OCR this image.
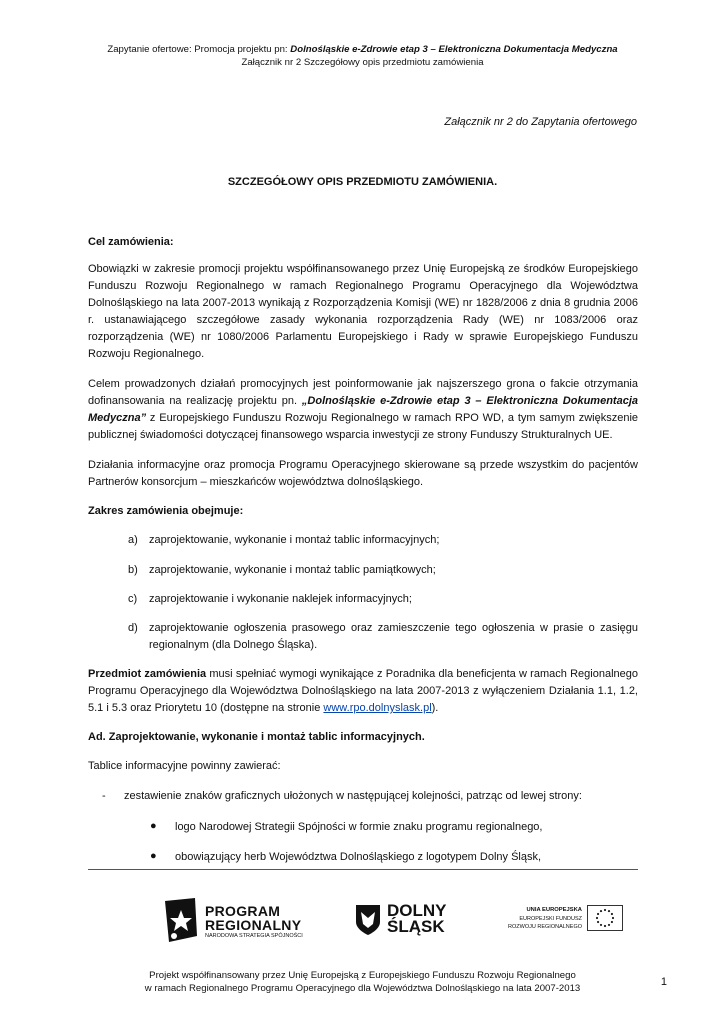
Zapytanie ofertowe: Promocja projektu pn: Dolnośląskie e-Zdrowie etap 3 – Elektroniczna Dokumentacja Medyczna
Załącznik nr 2 Szczegółowy opis przedmiotu zamówienia
Załącznik nr 2 do Zapytania ofertowego
SZCZEGÓŁOWY OPIS PRZEDMIOTU ZAMÓWIENIA.
Cel zamówienia:
Obowiązki w zakresie promocji projektu współfinansowanego przez Unię Europejską ze środków Europejskiego Funduszu Rozwoju Regionalnego w ramach Regionalnego Programu Operacyjnego dla Województwa Dolnośląskiego na lata 2007-2013 wynikają z Rozporządzenia Komisji (WE) nr 1828/2006 z dnia 8 grudnia 2006 r. ustanawiającego szczegółowe zasady wykonania rozporządzenia Rady (WE) nr 1083/2006 oraz rozporządzenia (WE) nr 1080/2006 Parlamentu Europejskiego i Rady w sprawie Europejskiego Funduszu Rozwoju Regionalnego.
Celem prowadzonych działań promocyjnych jest poinformowanie jak najszerszego grona o fakcie otrzymania dofinansowania na realizację projektu pn. „Dolnośląskie e-Zdrowie etap 3 – Elektroniczna Dokumentacja Medyczna” z Europejskiego Funduszu Rozwoju Regionalnego w ramach RPO WD, a tym samym zwiększenie publicznej świadomości dotyczącej finansowego wsparcia inwestycji ze strony Funduszy Strukturalnych UE.
Działania informacyjne oraz promocja Programu Operacyjnego skierowane są przede wszystkim do pacjentów Partnerów konsorcjum – mieszkańców województwa dolnośląskiego.
Zakres zamówienia obejmuje:
a) zaprojektowanie, wykonanie i montaż tablic informacyjnych;
b) zaprojektowanie, wykonanie i montaż tablic pamiątkowych;
c) zaprojektowanie i wykonanie naklejek informacyjnych;
d) zaprojektowanie ogłoszenia prasowego oraz zamieszczenie tego ogłoszenia w prasie o zasięgu regionalnym (dla Dolnego Śląska).
Przedmiot zamówienia musi spełniać wymogi wynikające z Poradnika dla beneficjenta w ramach Regionalnego Programu Operacyjnego dla Województwa Dolnośląskiego na lata 2007-2013 z wyłączeniem Działania 1.1, 1.2, 5.1 i 5.3 oraz Priorytetu 10 (dostępne na stronie www.rpo.dolnyslask.pl).
Ad. Zaprojektowanie, wykonanie i montaż tablic informacyjnych.
Tablice informacyjne powinny zawierać:
- zestawienie znaków graficznych ułożonych w następującej kolejności, patrząc od lewej strony:
● logo Narodowej Strategii Spójności w formie znaku programu regionalnego,
● obowiązujący herb Województwa Dolnośląskiego z logotypem Dolny Śląsk,
PROGRAM
REGIONALNY
NARODOWA STRATEGIA SPÓJNOŚCI
DOLNY
ŚLĄSK
UNIA EUROPEJSKA
EUROPEJSKI FUNDUSZ
ROZWOJU REGIONALNEGO
Projekt współfinansowany przez Unię Europejską z Europejskiego Funduszu Rozwoju Regionalnego
w ramach Regionalnego Programu Operacyjnego dla Województwa Dolnośląskiego na lata 2007-2013
1
